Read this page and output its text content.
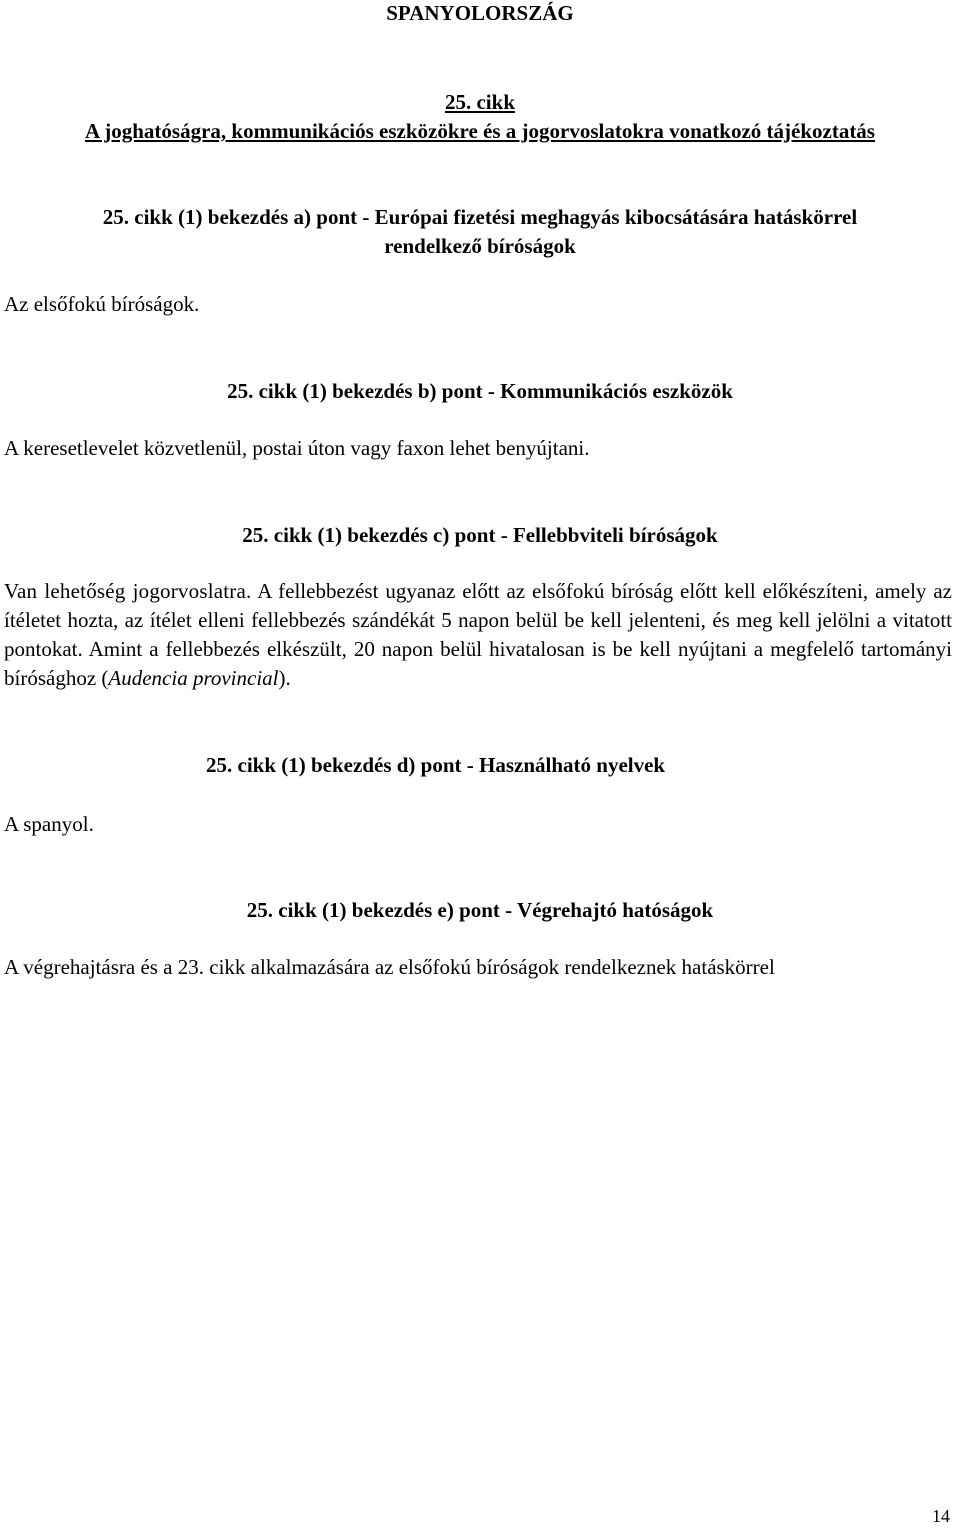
SPANYOLORSZÁG
25. cikk
A joghatóságra, kommunikációs eszközökre és a jogorvoslatokra vonatkozó tájékoztatás
25. cikk (1) bekezdés a) pont - Európai fizetési meghagyás kibocsátására hatáskörrel
rendelkező bíróságok
Az elsőfokú bíróságok.
25. cikk (1) bekezdés b) pont - Kommunikációs eszközök
A keresetlevelet közvetlenül, postai úton vagy faxon lehet benyújtani.
25. cikk (1) bekezdés c) pont - Fellebbviteli bíróságok
Van lehetőség jogorvoslatra. A fellebbezést ugyanaz előtt az elsőfokú bíróság előtt kell előkészíteni, amely az ítéletet hozta, az ítélet elleni fellebbezés szándékát 5 napon belül be kell jelenteni, és meg kell jelölni a vitatott pontokat. Amint a fellebbezés elkészült, 20 napon belül hivatalosan is be kell nyújtani a megfelelő tartományi bírósághoz (Audencia provincial).
25. cikk (1) bekezdés d) pont - Használható nyelvek
A spanyol.
25. cikk (1) bekezdés e) pont - Végrehajtó hatóságok
A végrehajtásra és a 23. cikk alkalmazására az elsőfokú bíróságok rendelkeznek hatáskörrel
14
